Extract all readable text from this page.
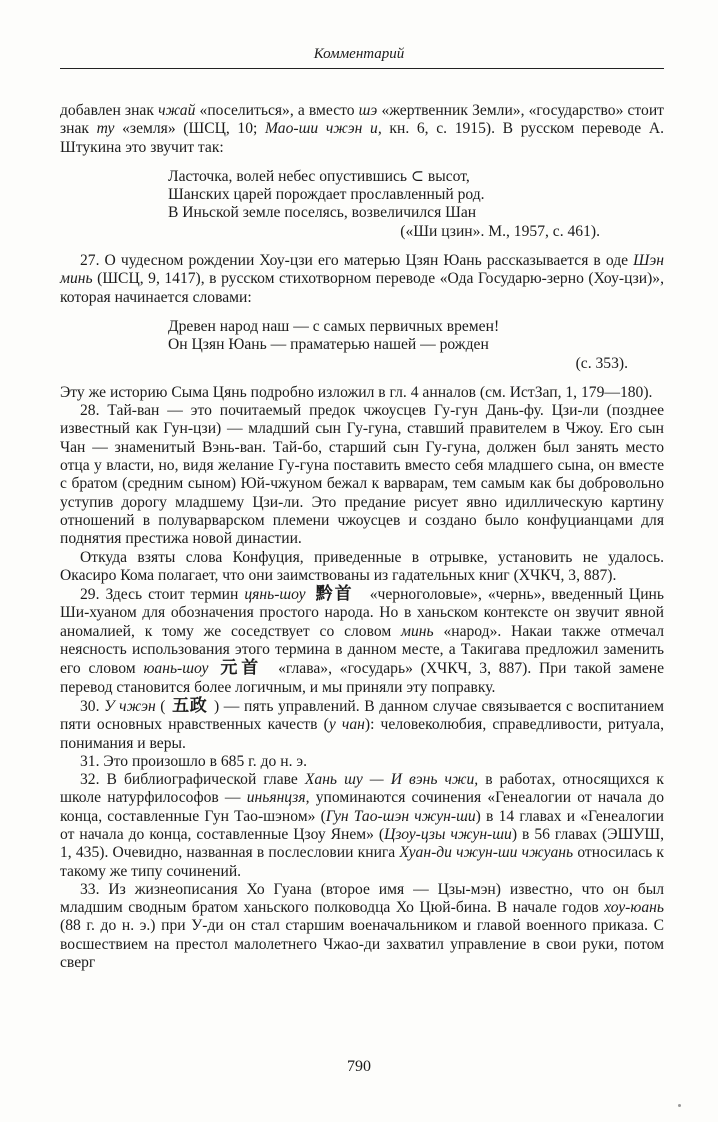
Комментарий

добавлен знак чжай «поселиться», а вместо шэ «жертвенник Земли», «государство» стоит знак ту «земля» (ШСЦ, 10; Мао-ши чжэн и, кн. 6, с. 1915). В русском переводе А. Штукина это звучит так:

Ласточка, волей небес опустившись ⊂ высот,
Шанских царей порождает прославленный род.
В Иньской земле поселясь, возвеличился Шан
(«Ши цзин». М., 1957, с. 461).

27. О чудесном рождении Хоу-цзи его матерью Цзян Юань рассказывается в оде Шэн минь (ШСЦ, 9, 1417), в русском стихотворном переводе «Ода Государю-зерно (Хоу-цзи)», которая начинается словами:

Древен народ наш — с самых первичных времен!
Он Цзян Юань — праматерью нашей — рожден
(с. 353).

Эту же историю Сыма Цянь подробно изложил в гл. 4 анналов (см. ИстЗап, 1, 179—180).

28. Тай-ван — это почитаемый предок чжоусцев Гу-гун Дань-фу. Цзи-ли (позднее известный как Гун-цзи) — младший сын Гу-гуна, ставший правителем в Чжоу. Его сын Чан — знаменитый Вэнь-ван. Тай-бо, старший сын Гу-гуна, должен был занять место отца у власти, но, видя желание Гу-гуна поставить вместо себя младшего сына, он вместе с братом (средним сыном) Юй-чжуном бежал к варварам, тем самым как бы добровольно уступив дорогу младшему Цзи-ли. Это предание рисует явно идиллическую картину отношений в полуварварском племени чжоусцев и создано было конфуцианцами для поднятия престижа новой династии.

Откуда взяты слова Конфуция, приведенные в отрывке, установить не удалось. Окасиро Кома полагает, что они заимствованы из гадательных книг (ХЧКЧ, 3, 887).

29. Здесь стоит термин цянь-шоу 黔首 «черноголовые», «чернь», введенный Цинь Ши-хуаном для обозначения простого народа. Но в ханьском контексте он звучит явной аномалией, к тому же соседствует со словом минь «народ». Накаи также отмечал неясность использования этого термина в данном месте, а Такигава предложил заменить его словом юань-шоу 元首 «глава», «государь» (ХЧКЧ, 3, 887). При такой замене перевод становится более логичным, и мы приняли эту поправку.

30. У чжэн ( 五政 ) — пять управлений. В данном случае связывается с воспитанием пяти основных нравственных качеств (у чан): человеколюбия, справедливости, ритуала, понимания и веры.

31. Это произошло в 685 г. до н. э.

32. В библиографической главе Хань шу — И вэнь чжи, в работах, относящихся к школе натурфилософов — иньянцзя, упоминаются сочинения «Генеалогии от начала до конца, составленные Гун Тао-шэном» (Гун Тао-шэн чжун-ши) в 14 главах и «Генеалогии от начала до конца, составленные Цзоу Янем» (Цзоу-цзы чжун-ши) в 56 главах (ЭШУШ, 1, 435). Очевидно, названная в послесловии книга Хуан-ди чжун-ши чжуань относилась к такому же типу сочинений.

33. Из жизнеописания Хо Гуана (второе имя — Цзы-мэн) известно, что он был младшим сводным братом ханьского полководца Хо Цюй-бина. В начале годов хоу-юань (88 г. до н. э.) при У-ди он стал старшим военачальником и главой военного приказа. С восшествием на престол малолетнего Чжао-ди захватил управление в свои руки, потом сверг

790
